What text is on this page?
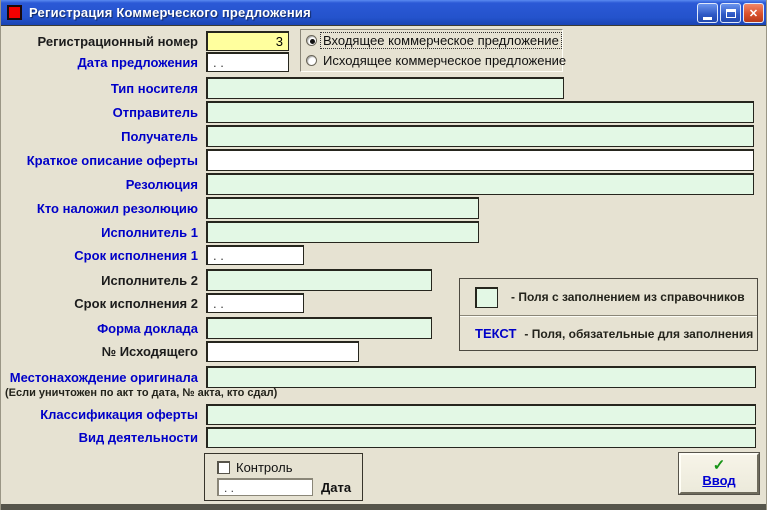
Регистрация Коммерческого предложения	✕
Регистрационный номер	3
Дата предложения	. .
Тип носителя
Отправитель
Получатель
Краткое описание оферты
Резолюция
Кто наложил резолюцию
Исполнитель 1
Срок исполнения 1	. .
Исполнитель 2
Срок исполнения 2	. .
Форма доклада
№ Исходящего
Местонахождение оригинала
(Если уничтожен по акт то дата, № акта, кто сдал)
Классификация оферты
Вид деятельности
Входящее коммерческое предложение
Исходящее коммерческое предложение
- Поля с заполнением из справочников
ТЕКСТ - Поля, обязательные для заполнения
Контроль
. .	Дата
✓
Ввод
